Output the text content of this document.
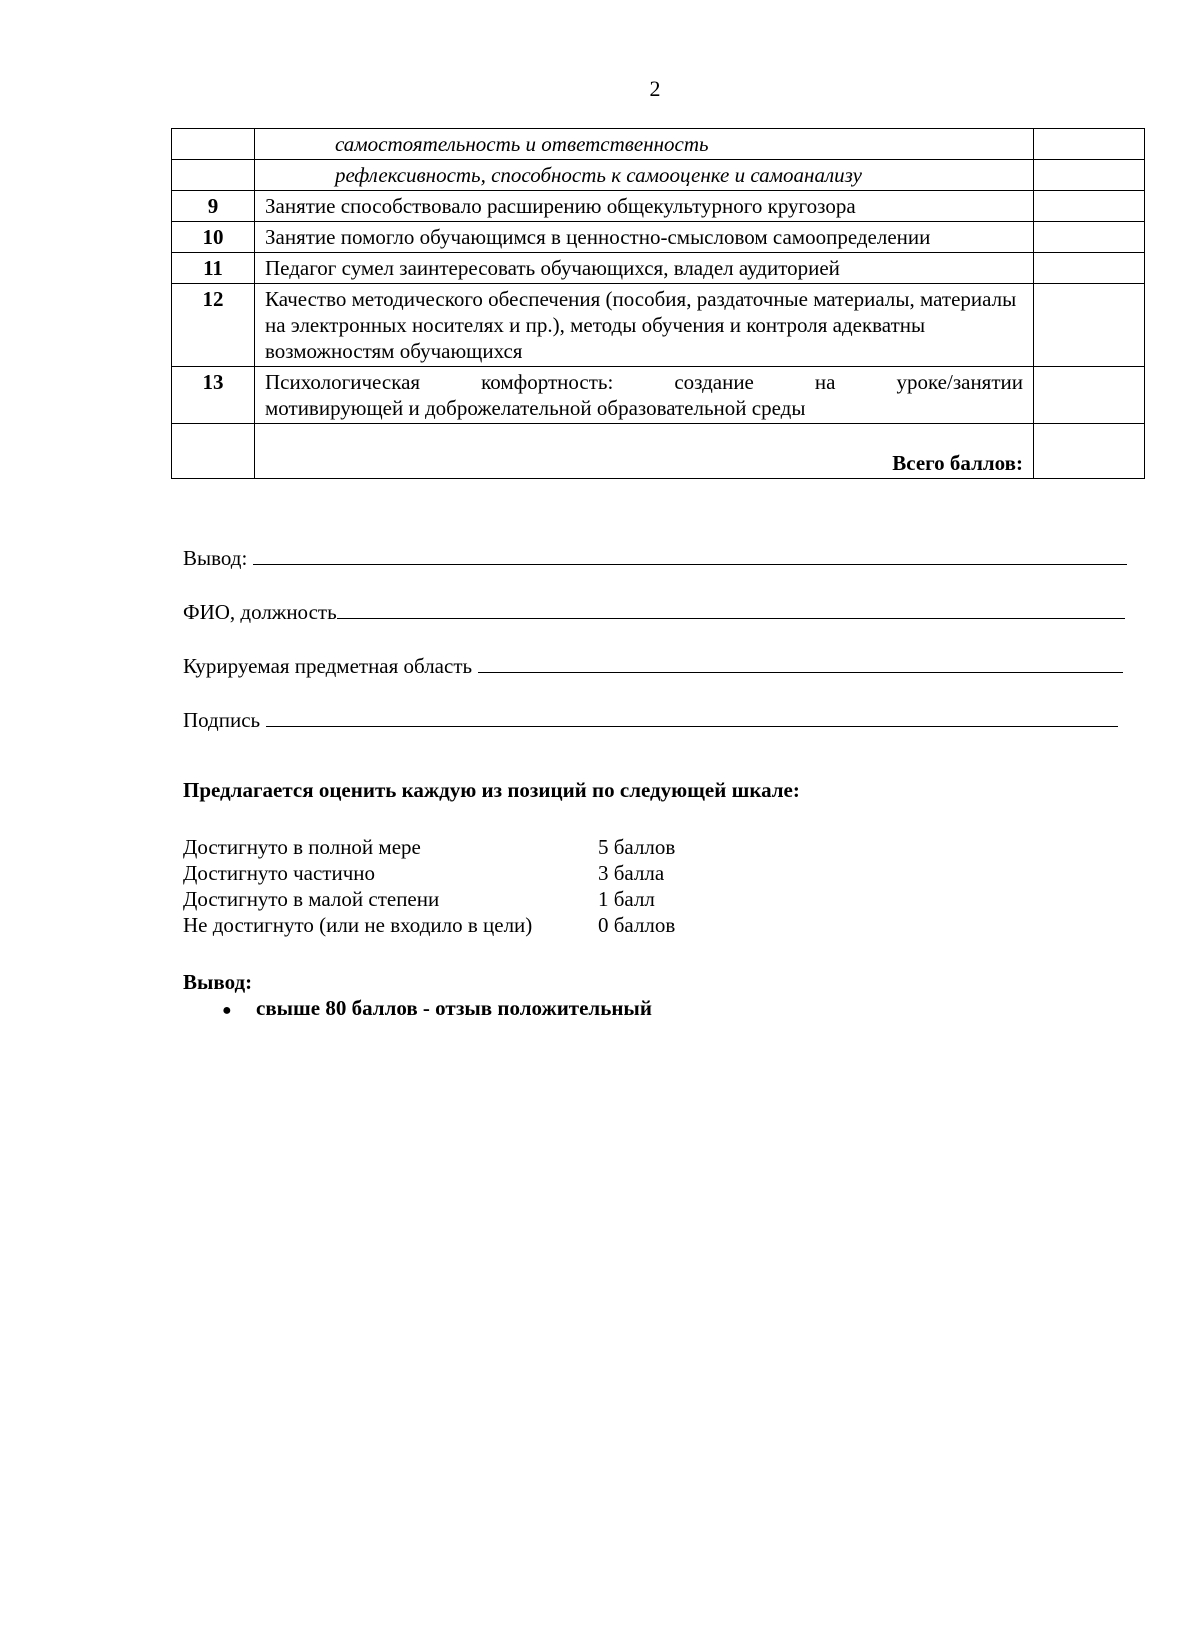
2
	самостоятельность и ответственность	
	рефлексивность, способность к самооценке и самоанализу	
9	Занятие способствовало расширению общекультурного кругозора	
10	Занятие помогло обучающимся в ценностно-смысловом самоопределении	
11	Педагог сумел заинтересовать обучающихся, владел аудиторией	
12	Качество методического обеспечения (пособия, раздаточные материалы, материалы на электронных носителях и пр.), методы обучения и контроля адекватны возможностям обучающихся	
13	Психологическая комфортность: создание на уроке/занятии
мотивирующей и доброжелательной образовательной среды	
	Всего баллов:	
Вывод:
ФИО, должность
Курируемая предметная область
Подпись
Предлагается оценить каждую из позиций по следующей шкале:
Достигнуто в полной мере	5 баллов
Достигнуто частично	3 балла
Достигнуто в малой степени	1 балл
Не достигнуто (или не входило в цели)	0 баллов
Вывод:
●	свыше 80 баллов - отзыв положительный
